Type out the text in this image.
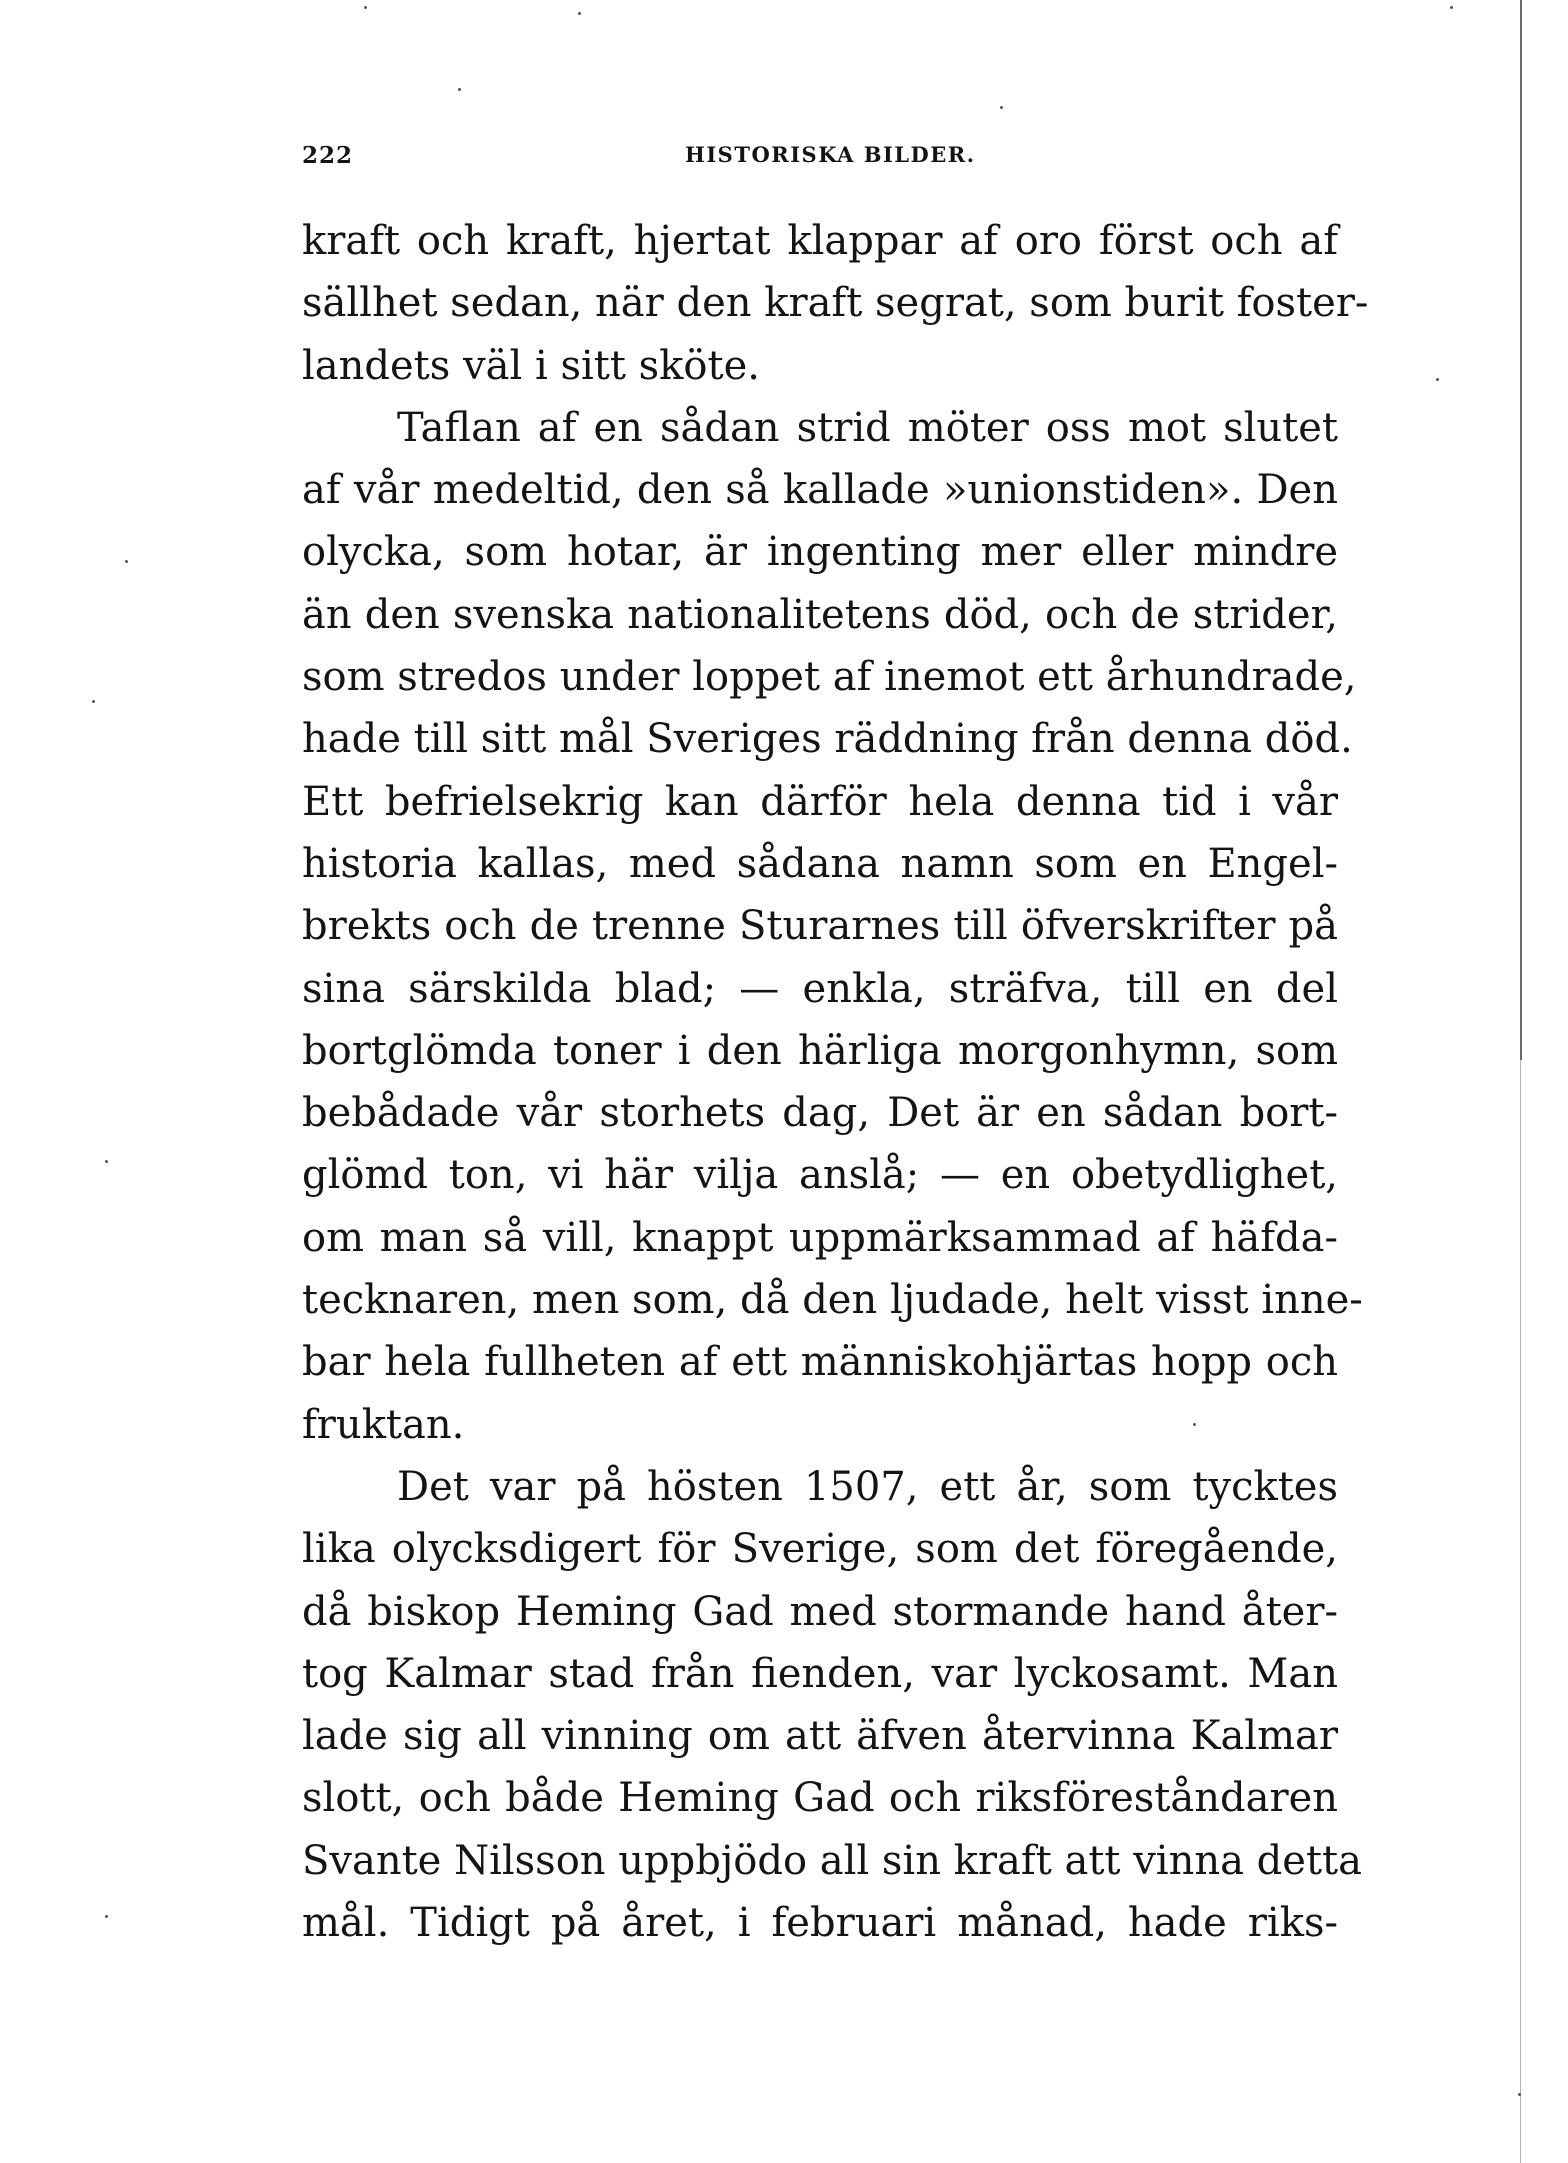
222	HISTORISKA BILDER.
kraft och kraft, hjertat klappar af oro först och af
sällhet sedan, när den kraft segrat, som burit foster-
landets väl i sitt sköte.
Taflan af en sådan strid möter oss mot slutet
af vår medeltid, den så kallade »unionstiden». Den
olycka, som hotar, är ingenting mer eller mindre
än den svenska nationalitetens död, och de strider,
som stredos under loppet af inemot ett århundrade,
hade till sitt mål Sveriges räddning från denna död.
Ett befrielsekrig kan därför hela denna tid i vår
historia kallas, med sådana namn som en Engel-
brekts och de trenne Sturarnes till öfverskrifter på
sina särskilda blad; — enkla, sträfva, till en del
bortglömda toner i den härliga morgonhymn, som
bebådade vår storhets dag, Det är en sådan bort-
glömd ton, vi här vilja anslå; — en obetydlighet,
om man så vill, knappt uppmärksammad af häfda-
tecknaren, men som, då den ljudade, helt visst inne-
bar hela fullheten af ett människohjärtas hopp och
fruktan.
Det var på hösten 1507, ett år, som tycktes
lika olycksdigert för Sverige, som det föregående,
då biskop Heming Gad med stormande hand åter-
tog Kalmar stad från fienden, var lyckosamt. Man
lade sig all vinning om att äfven återvinna Kalmar
slott, och både Heming Gad och riksföreståndaren
Svante Nilsson uppbjödo all sin kraft att vinna detta
mål. Tidigt på året, i februari månad, hade riks-
